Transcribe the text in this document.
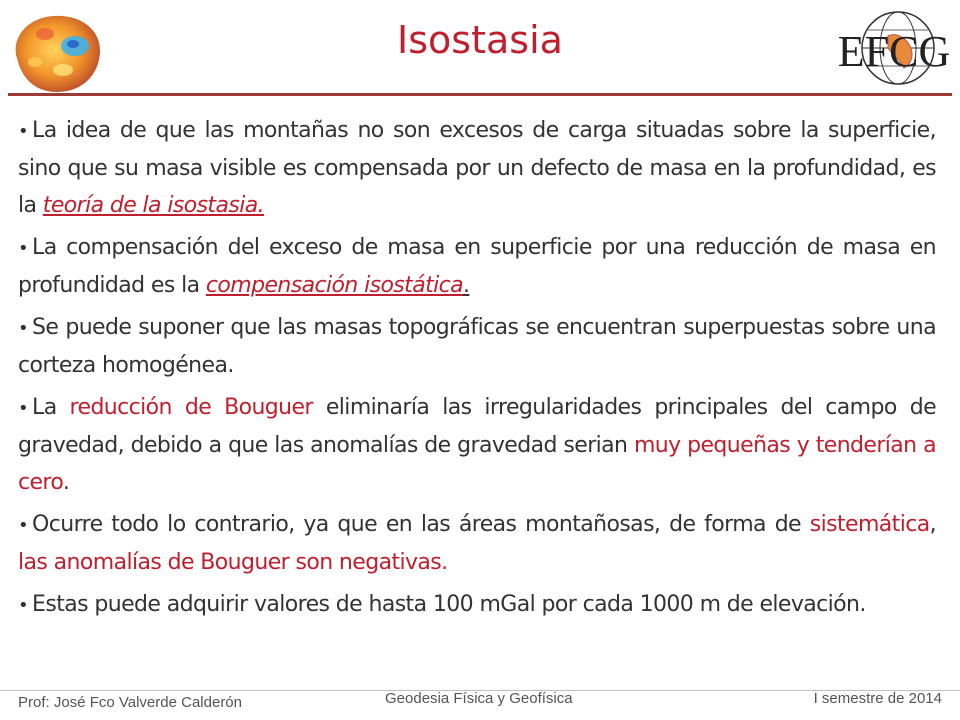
Isostasia	EFCG

• La idea de que las montañas no son excesos de carga situadas sobre la superficie, sino que su masa visible es compensada por un defecto de masa en la profundidad, es la teoría de la isostasia.

• La compensación del exceso de masa en superficie por una reducción de masa en profundidad es la compensación isostática.

• Se puede suponer que las masas topográficas se encuentran superpuestas sobre una corteza homogénea.

• La reducción de Bouguer eliminaría las irregularidades principales del campo de gravedad, debido a que las anomalías de gravedad serian muy pequeñas y tenderían a cero.

• Ocurre todo lo contrario, ya que en las áreas montañosas, de forma de sistemática, las anomalías de Bouguer son negativas.

• Estas puede adquirir valores de hasta 100 mGal por cada 1000 m de elevación.

Prof: José Fco Valverde Calderón	Geodesia Física y Geofísica	I semestre de 2014
